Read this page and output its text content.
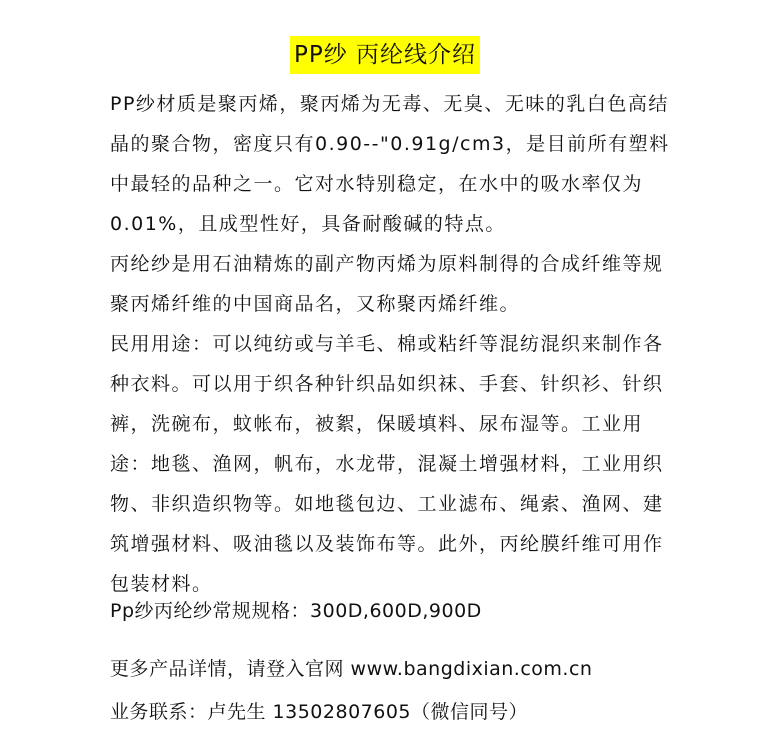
PP纱 丙纶线介绍

PP纱材质是聚丙烯，聚丙烯为无毒、无臭、无味的乳白色高结晶的聚合物，密度只有0.90--"0.91g/cm3，是目前所有塑料中最轻的品种之一。它对水特别稳定，在水中的吸水率仅为0.01%，且成型性好，具备耐酸碱的特点。

丙纶纱是用石油精炼的副产物丙烯为原料制得的合成纤维等规聚丙烯纤维的中国商品名，又称聚丙烯纤维。

民用用途：可以纯纺或与羊毛、棉或粘纤等混纺混织来制作各种衣料。可以用于织各种针织品如织袜、手套、针织衫、针织裤，洗碗布，蚊帐布，被絮，保暖填料、尿布湿等。工业用途：地毯、渔网，帆布，水龙带，混凝土增强材料，工业用织物、非织造织物等。如地毯包边、工业滤布、绳索、渔网、建筑增强材料、吸油毯以及装饰布等。此外，丙纶膜纤维可用作包装材料。

Pp纱丙纶纱常规规格：300D,600D,900D
更多产品详情，请登入官网 www.bangdixian.com.cn
业务联系：卢先生 13502807605（微信同号）
